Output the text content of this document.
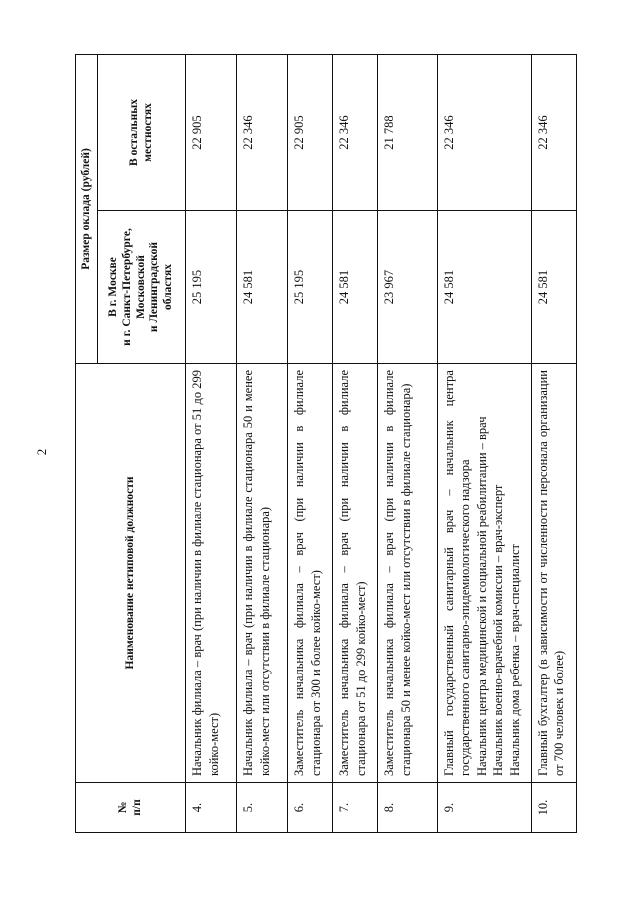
2
№
п/п	Наименование нетиповой должности	Размер оклада (рублей)	
		В г. Москве
и г. Санкт-Петербурге,
Московской
и Ленинградской
областях	В остальных
местностях
4.	Начальник филиала – врач (при наличии в филиале стационара от 51 до 299 койко-мест)	25 195	22 905
5.	Начальник филиала – врач (при наличии в филиале стационара 50 и менее койко-мест или отсутствии в филиале стационара)	24 581	22 346
6.	Заместитель начальника филиала – врач (при наличии в филиале стационара от 300 и более койко-мест)	25 195	22 905
7.	Заместитель начальника филиала – врач (при наличии в филиале стационара от 51 до 299 койко-мест)	24 581	22 346
8.	Заместитель начальника филиала – врач (при наличии в филиале стационара 50 и менее койко-мест или отсутствии в филиале стационара)	23 967	21 788
9.	Главный государственный санитарный врач – начальник центра государственного санитарно-эпидемиологического надзора
Начальник центра медицинской и социальной реабилитации – врач
Начальник военно-врачебной комиссии – врач-эксперт
Начальник дома ребенка – врач-специалист	24 581	22 346
10.	Главный бухгалтер (в зависимости от численности персонала организации от 700 человек и более)	24 581	22 346
